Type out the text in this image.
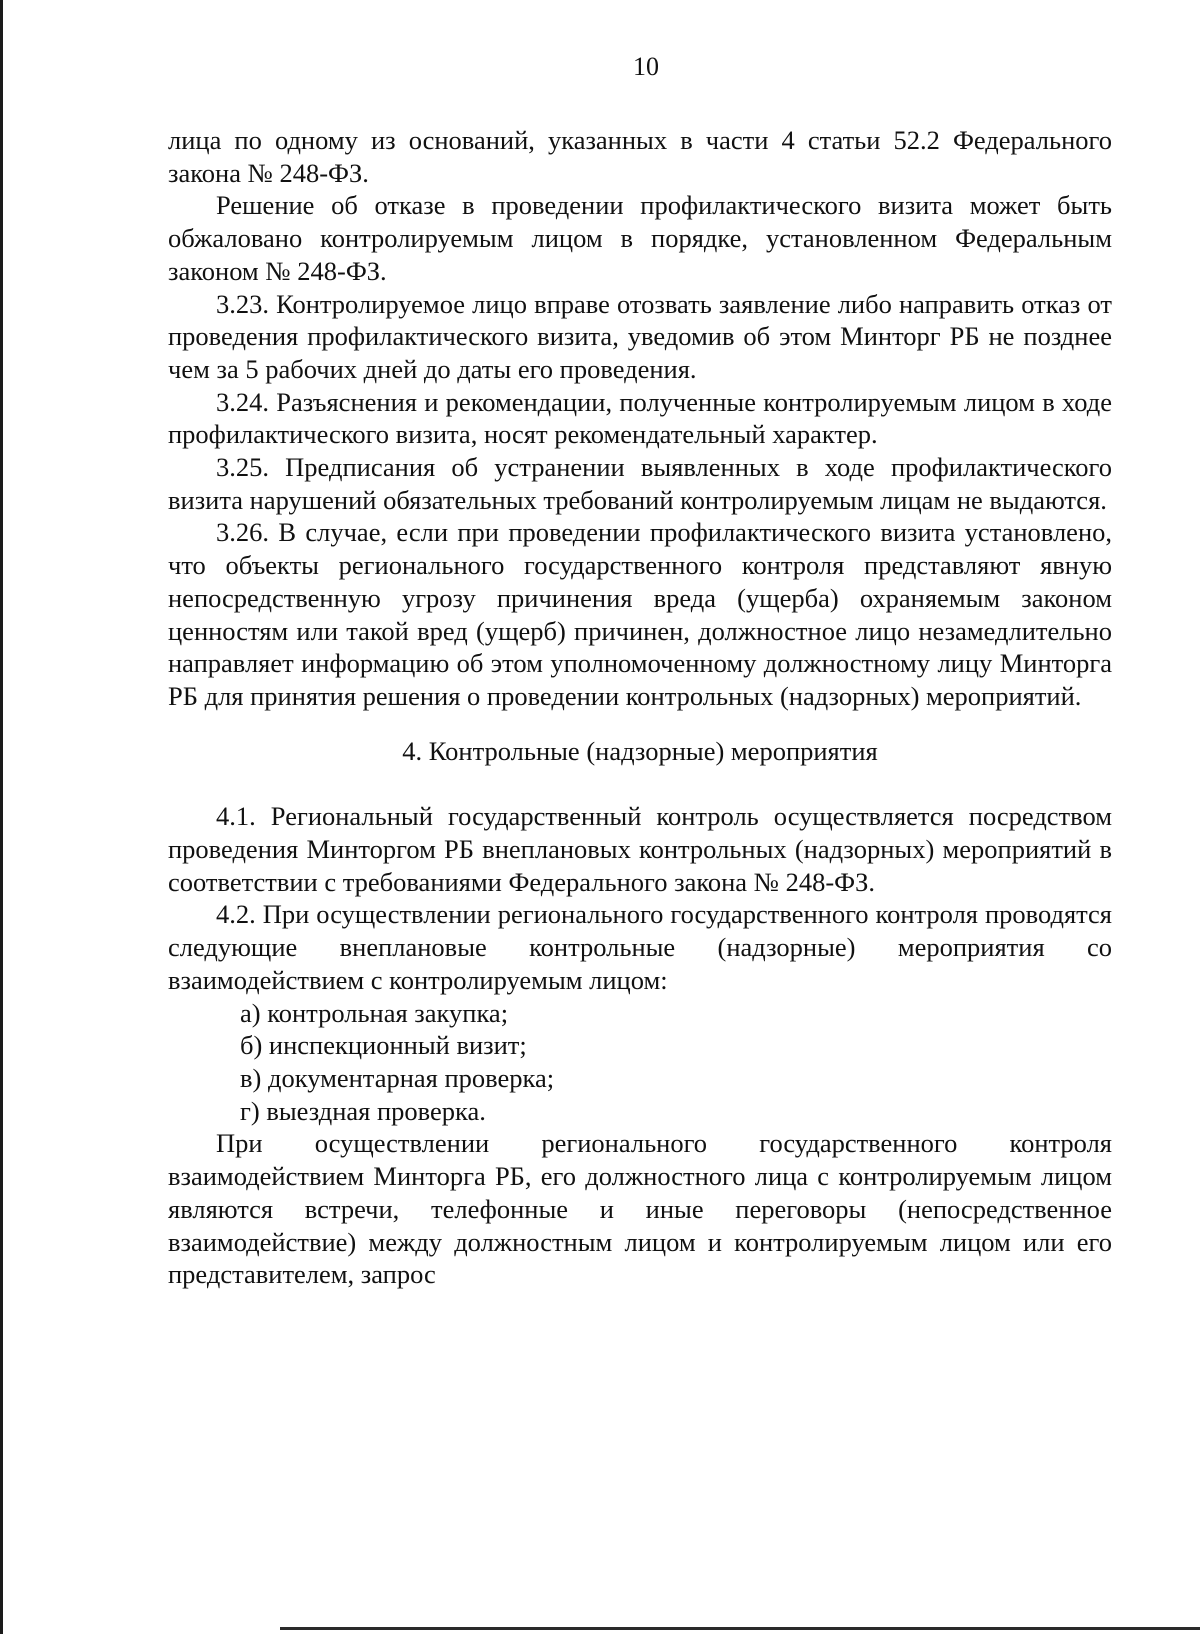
10

лица по одному из оснований, указанных в части 4 статьи 52.2 Федерального закона № 248-ФЗ.

Решение об отказе в проведении профилактического визита может быть обжаловано контролируемым лицом в порядке, установленном Федеральным законом № 248-ФЗ.

3.23. Контролируемое лицо вправе отозвать заявление либо направить отказ от проведения профилактического визита, уведомив об этом Минторг РБ не позднее чем за 5 рабочих дней до даты его проведения.

3.24. Разъяснения и рекомендации, полученные контролируемым лицом в ходе профилактического визита, носят рекомендательный характер.

3.25. Предписания об устранении выявленных в ходе профилактического визита нарушений обязательных требований контролируемым лицам не выдаются.

3.26. В случае, если при проведении профилактического визита установлено, что объекты регионального государственного контроля представляют явную непосредственную угрозу причинения вреда (ущерба) охраняемым законом ценностям или такой вред (ущерб) причинен, должностное лицо незамедлительно направляет информацию об этом уполномоченному должностному лицу Минторга РБ для принятия решения о проведении контрольных (надзорных) мероприятий.

4. Контрольные (надзорные) мероприятия

4.1. Региональный государственный контроль осуществляется посредством проведения Минторгом РБ внеплановых контрольных (надзорных) мероприятий в соответствии с требованиями Федерального закона № 248-ФЗ.

4.2. При осуществлении регионального государственного контроля проводятся следующие внеплановые контрольные (надзорные) мероприятия со взаимодействием с контролируемым лицом:

а) контрольная закупка;

б) инспекционный визит;

в) документарная проверка;

г) выездная проверка.

При осуществлении регионального государственного контроля взаимодействием Минторга РБ, его должностного лица с контролируемым лицом являются встречи, телефонные и иные переговоры (непосредственное взаимодействие) между должностным лицом и контролируемым лицом или его представителем, запрос
